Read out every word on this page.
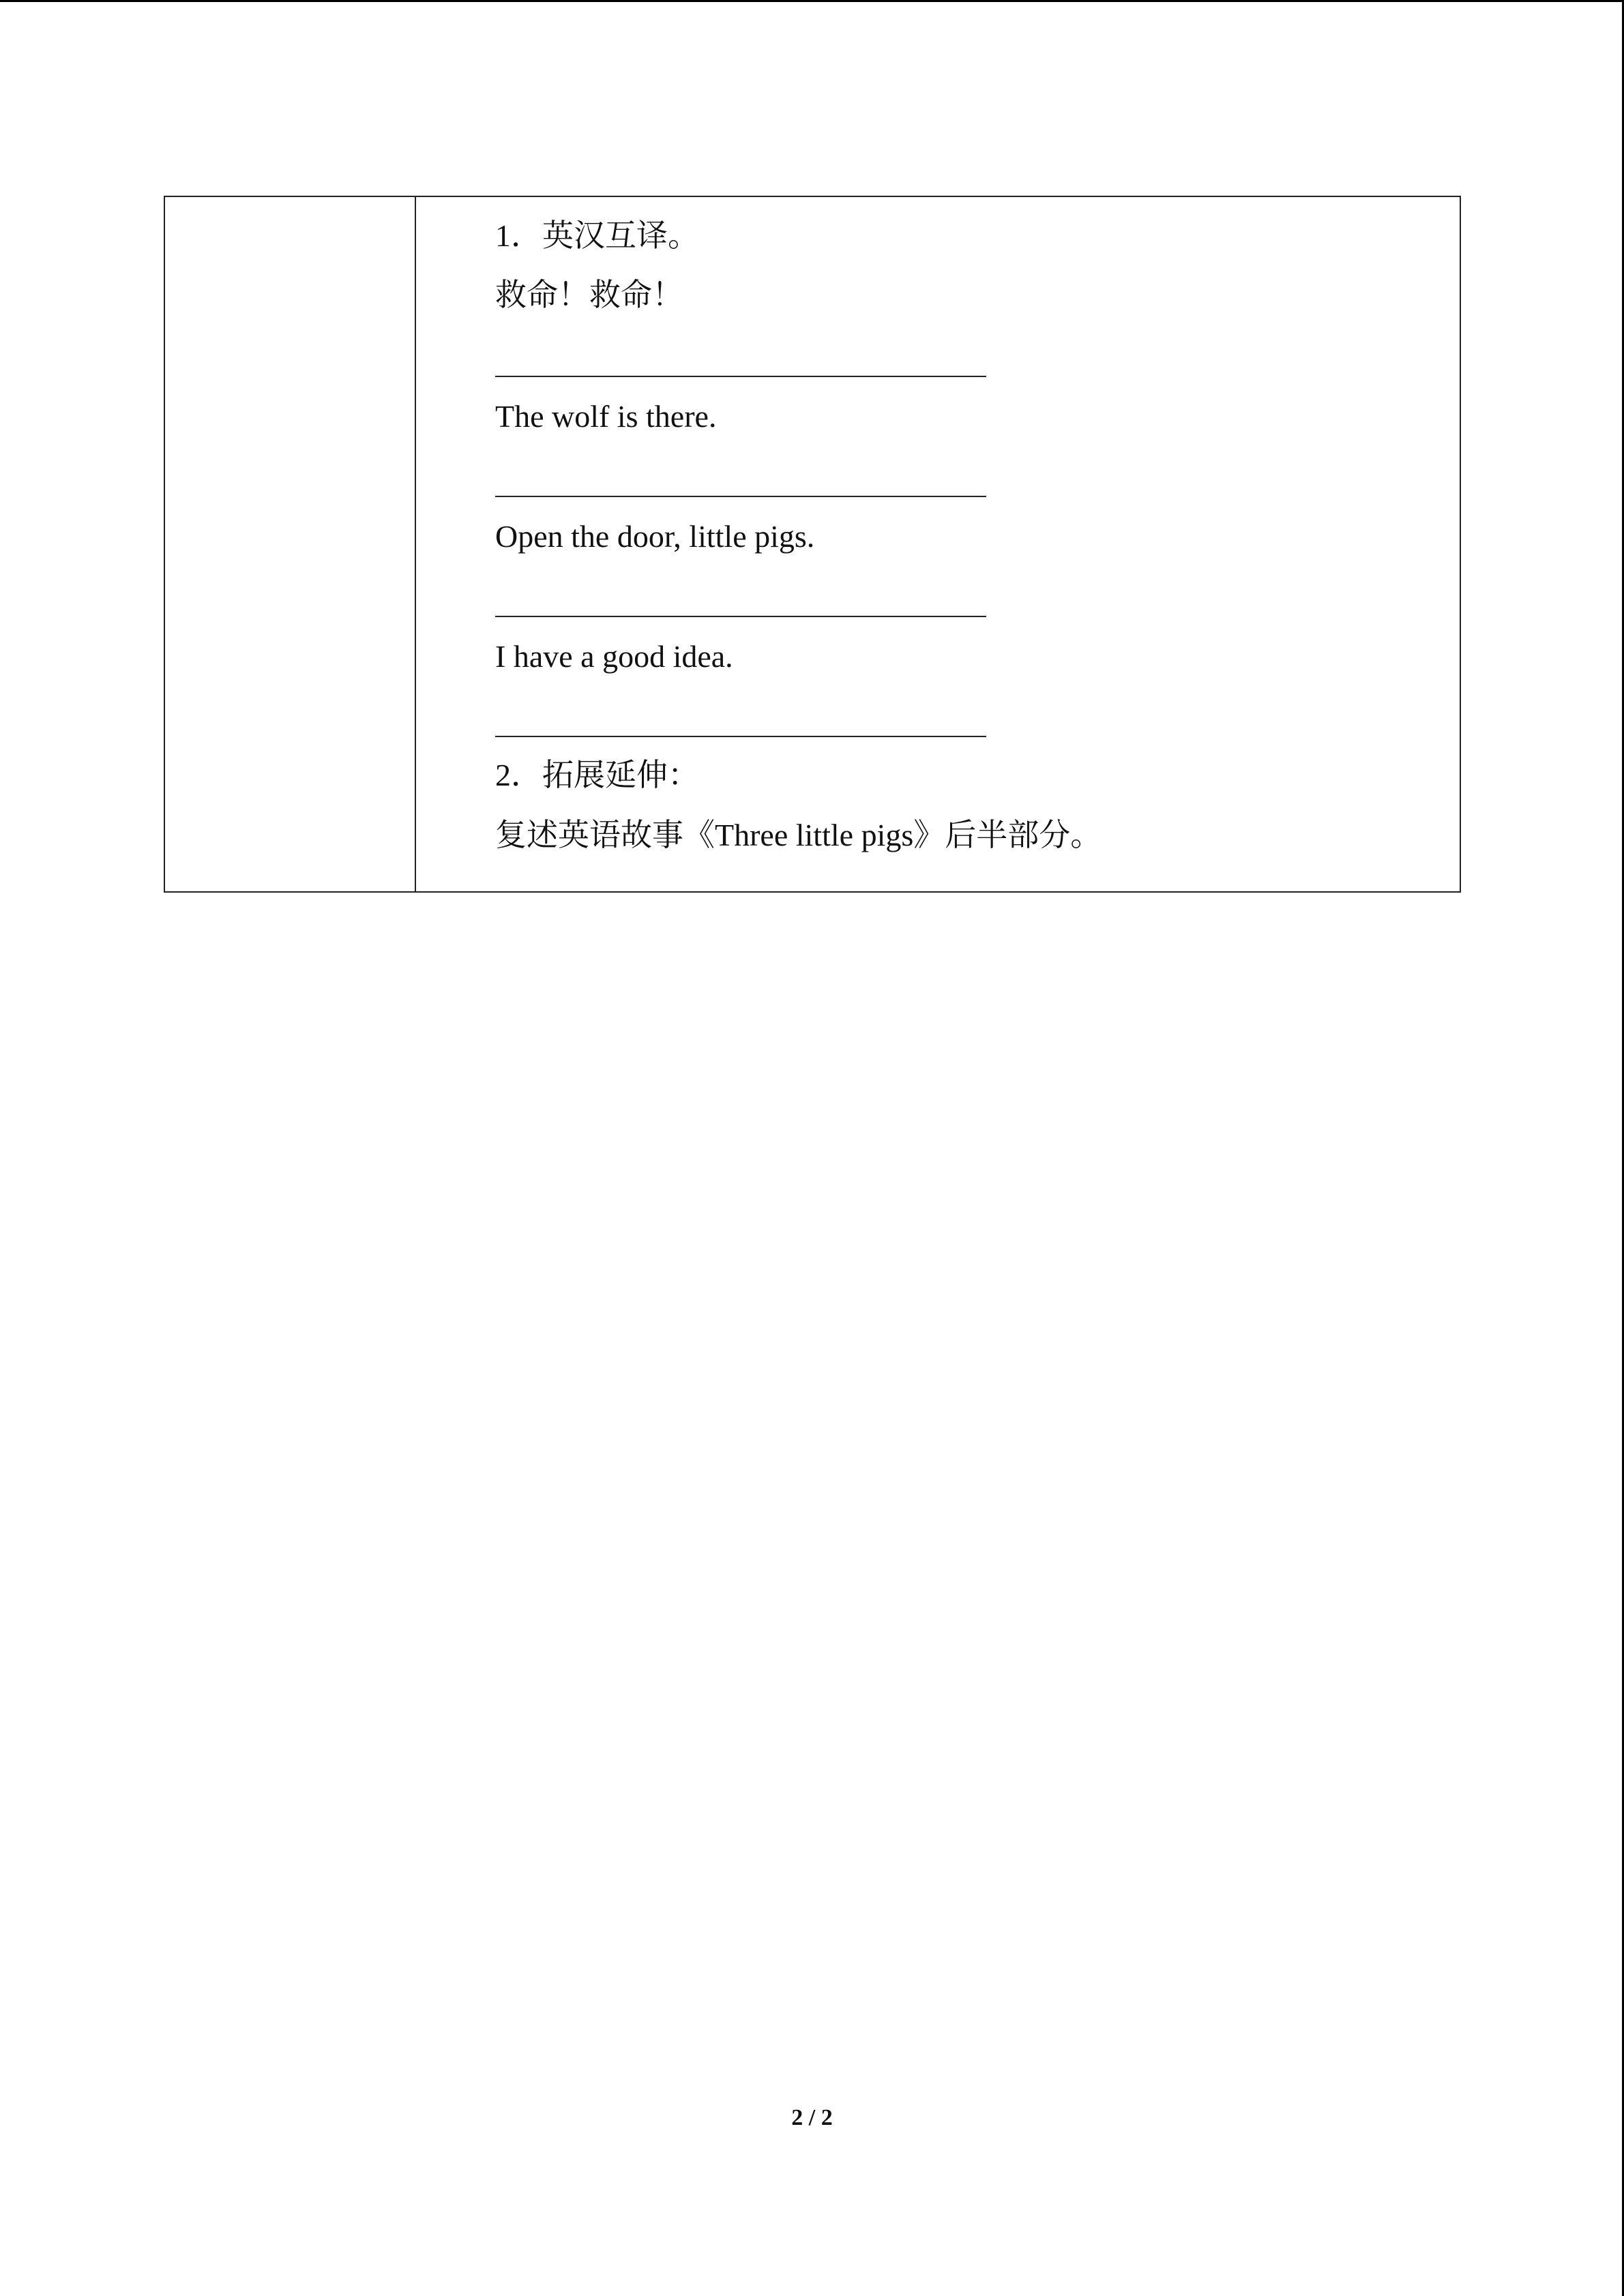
1．英汉互译。
救命！救命！
The wolf is there.
Open the door, little pigs.
I have a good idea.
2．拓展延伸：
复述英语故事《Three little pigs》后半部分。
2 / 2
